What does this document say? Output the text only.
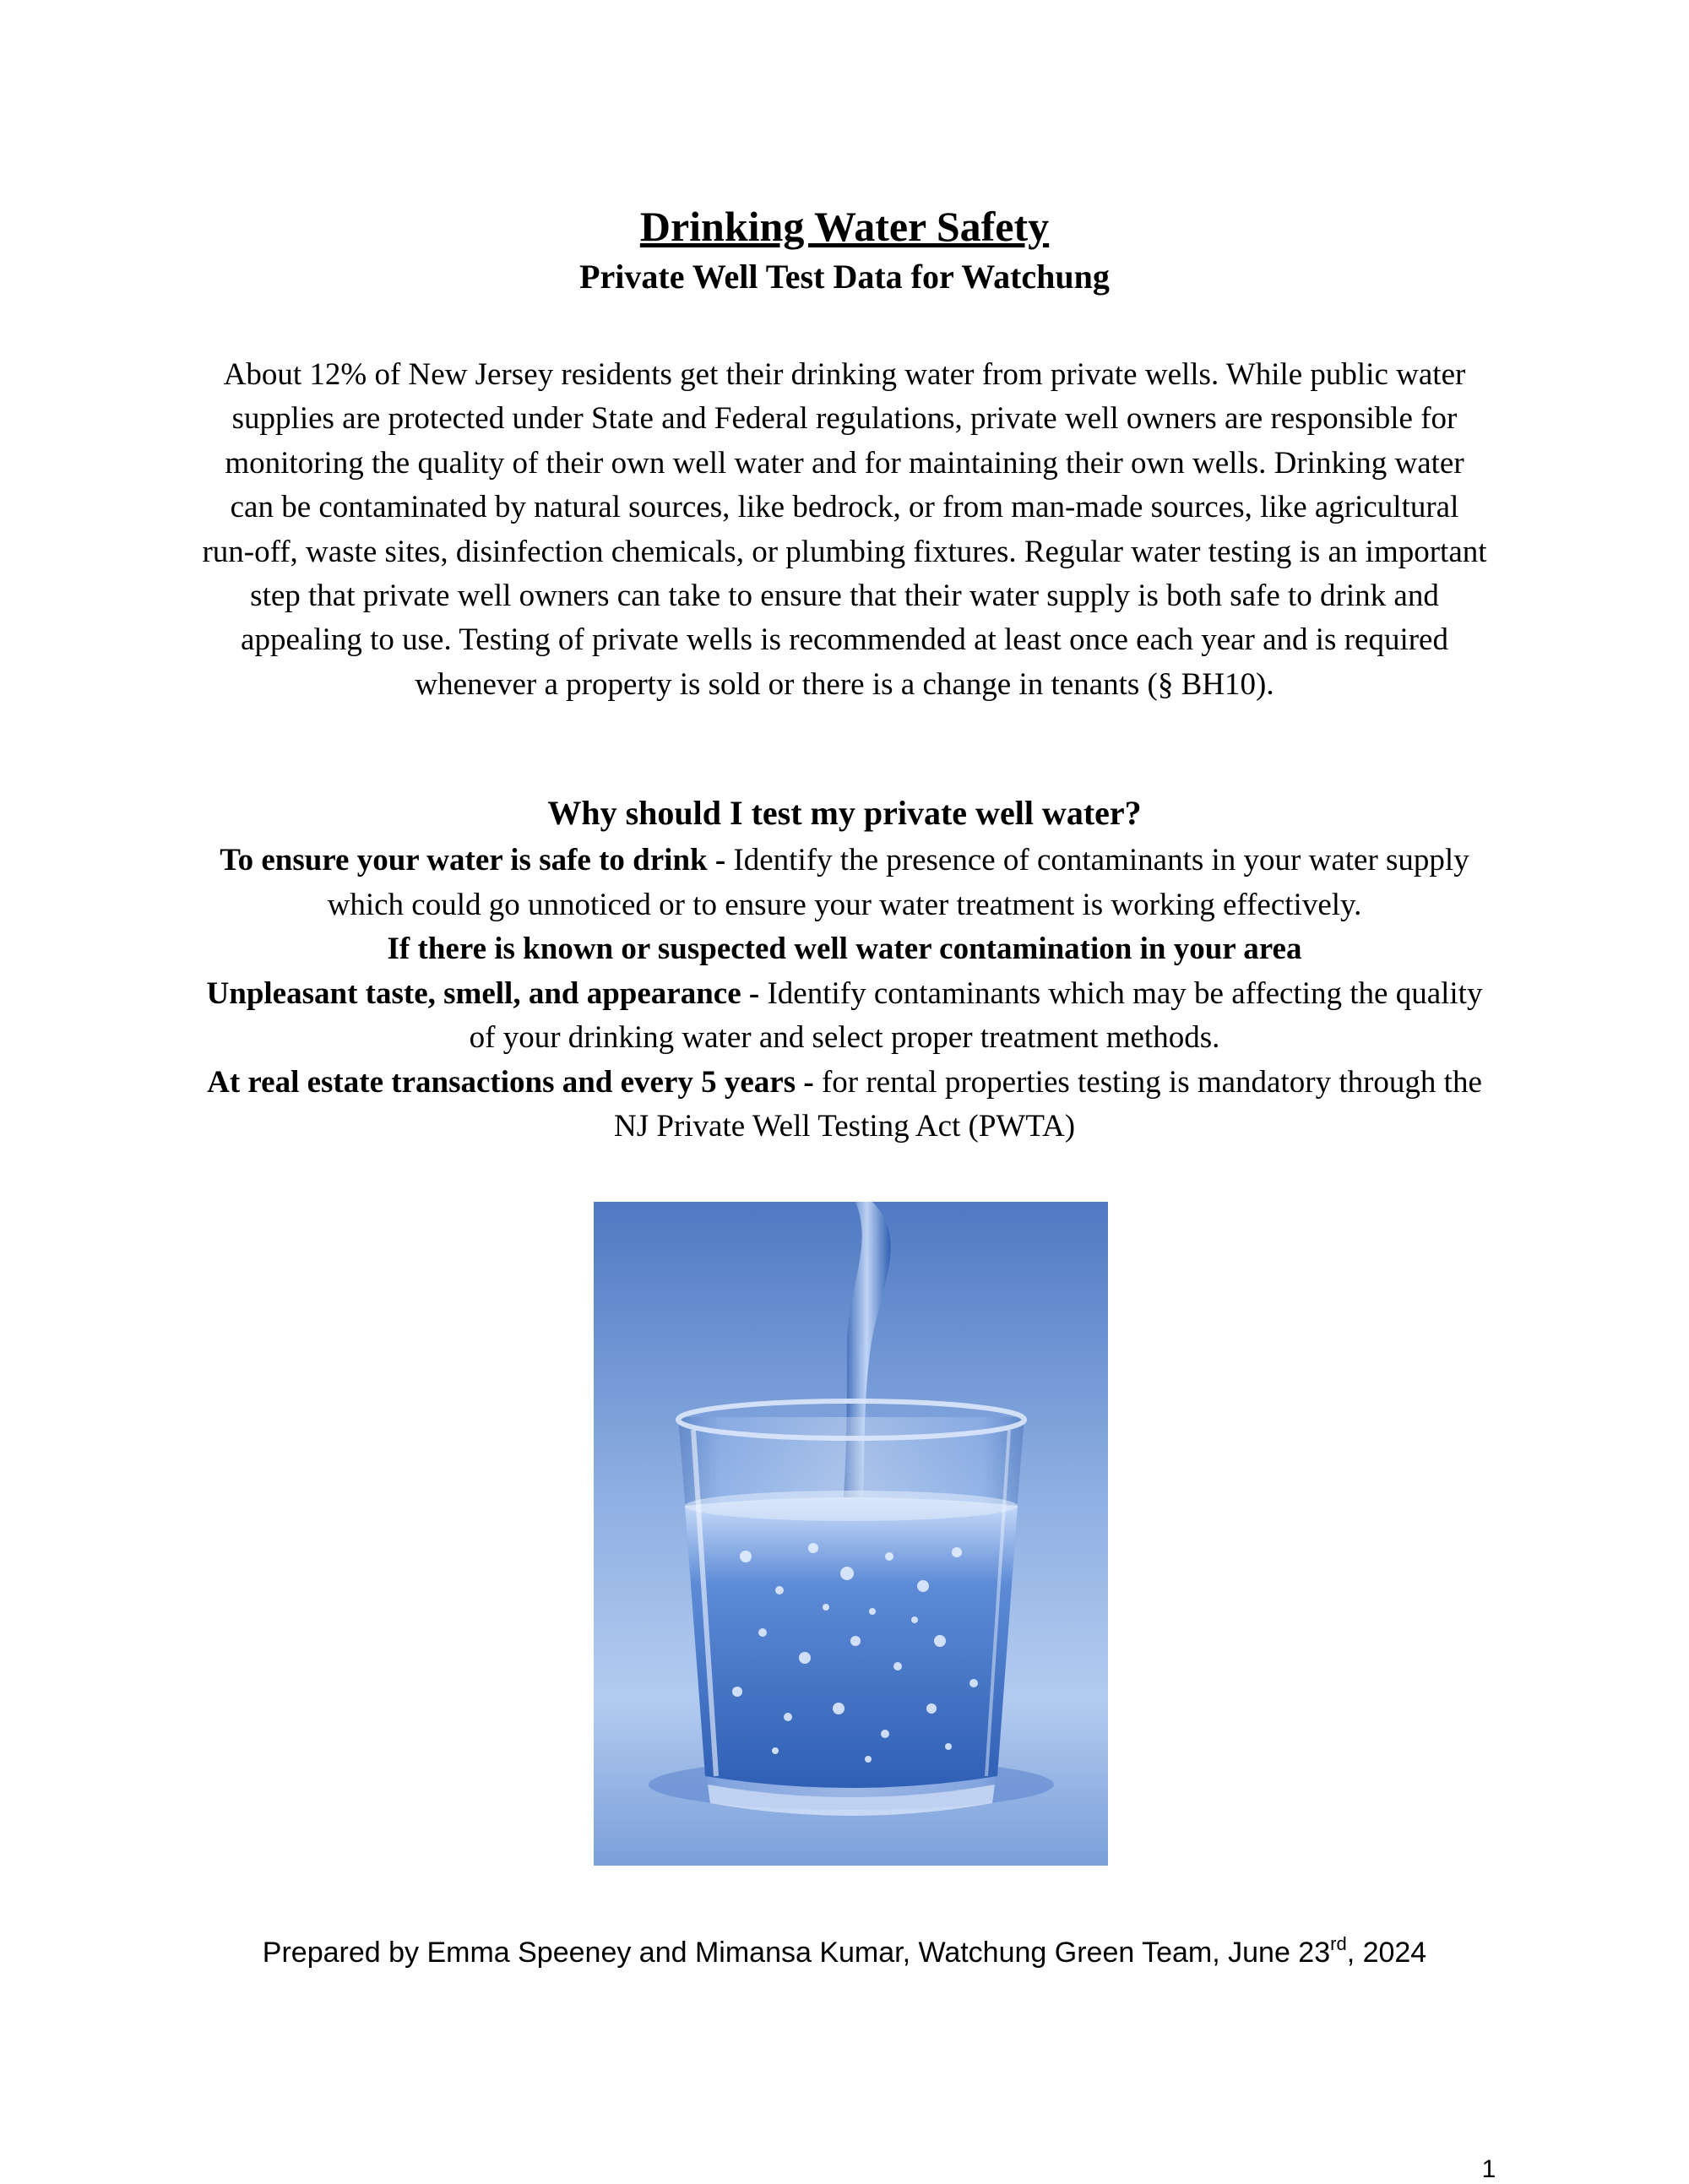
Drinking Water Safety
Private Well Test Data for Watchung

About 12% of New Jersey residents get their drinking water from private wells. While public water supplies are protected under State and Federal regulations, private well owners are responsible for monitoring the quality of their own well water and for maintaining their own wells. Drinking water can be contaminated by natural sources, like bedrock, or from man-made sources, like agricultural run-off, waste sites, disinfection chemicals, or plumbing fixtures. Regular water testing is an important step that private well owners can take to ensure that their water supply is both safe to drink and appealing to use. Testing of private wells is recommended at least once each year and is required whenever a property is sold or there is a change in tenants (§ BH10).

Why should I test my private well water?

To ensure your water is safe to drink - Identify the presence of contaminants in your water supply which could go unnoticed or to ensure your water treatment is working effectively.

If there is known or suspected well water contamination in your area

Unpleasant taste, smell, and appearance - Identify contaminants which may be affecting the quality of your drinking water and select proper treatment methods.

At real estate transactions and every 5 years - for rental properties testing is mandatory through the NJ Private Well Testing Act (PWTA)

Prepared by Emma Speeney and Mimansa Kumar, Watchung Green Team, June 23rd, 2024
1
